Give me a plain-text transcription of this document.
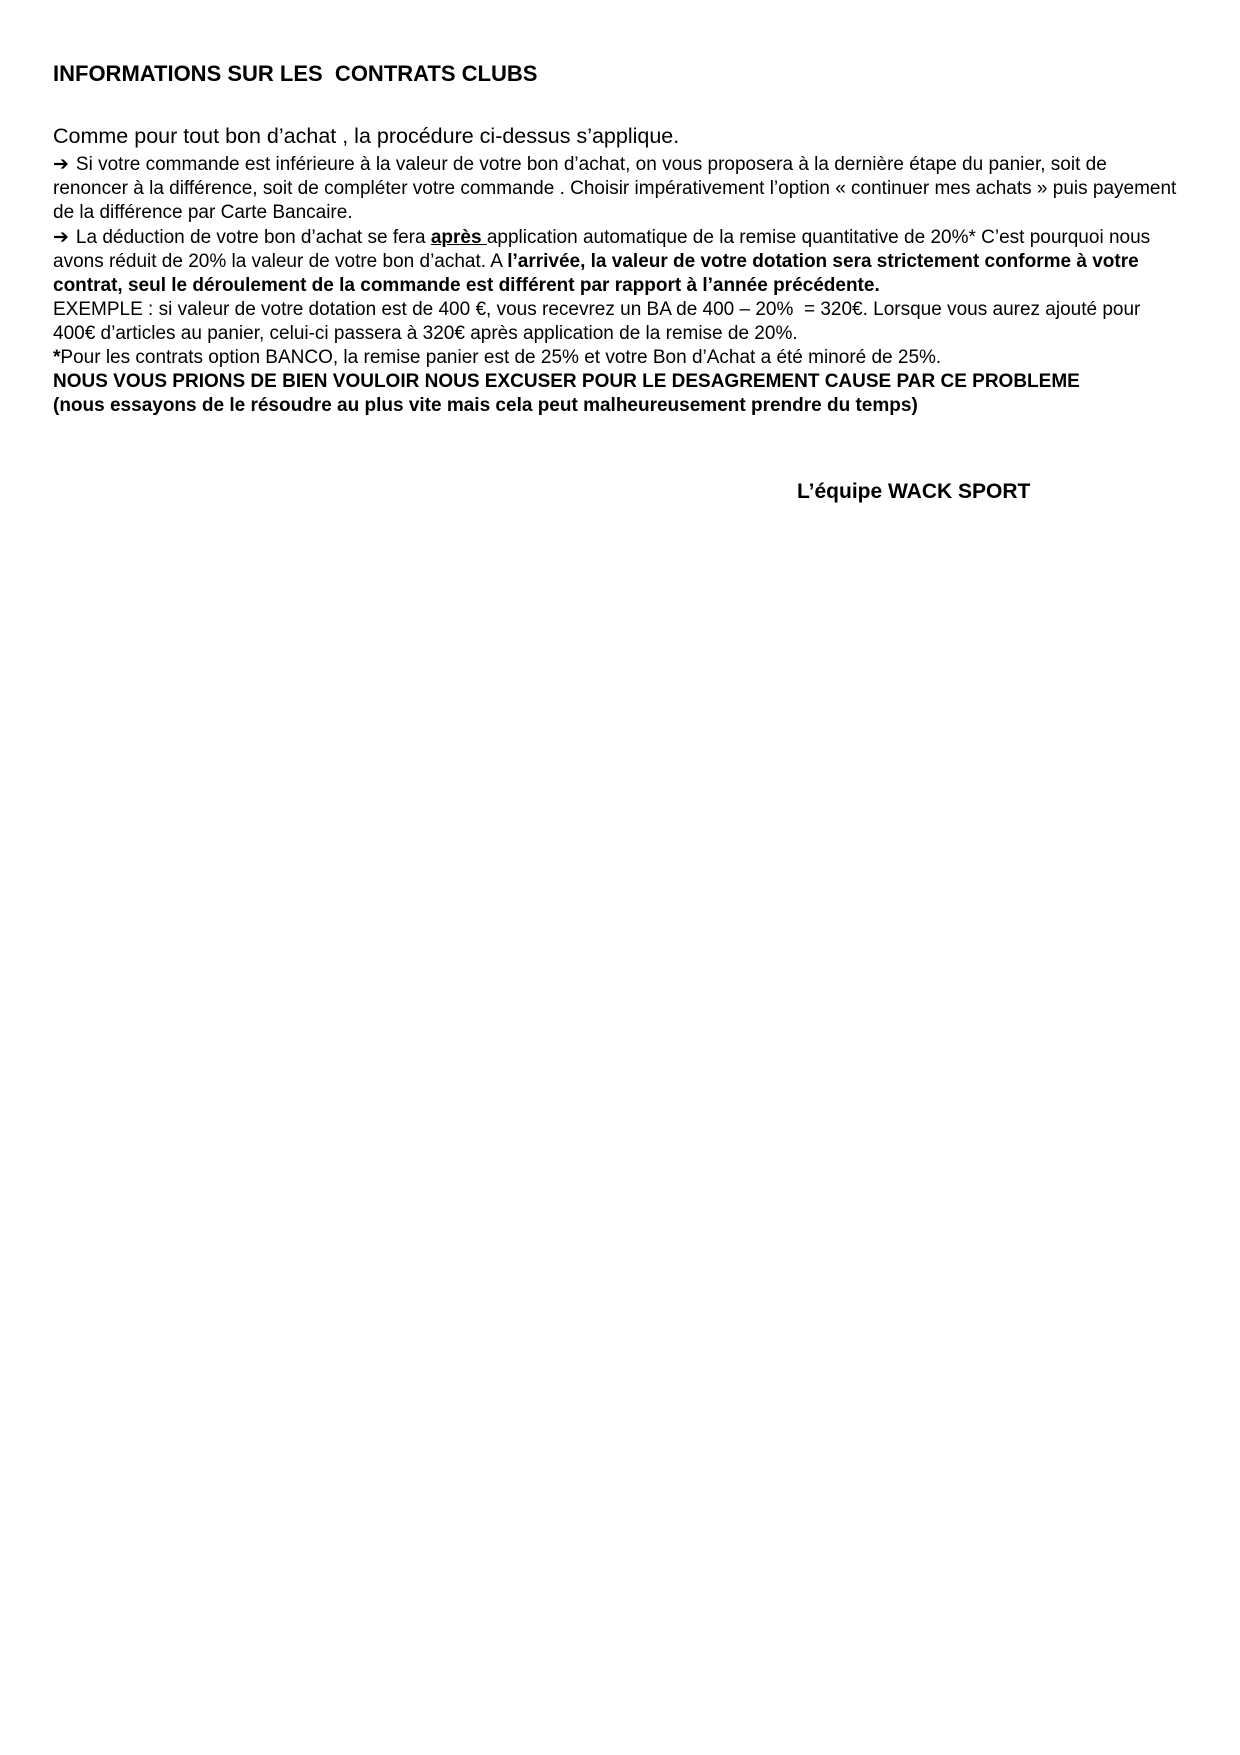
INFORMATIONS SUR LES  CONTRATS CLUBS

Comme pour tout bon d’achat , la procédure ci-dessus s’applique.

➔ Si votre commande est inférieure à la valeur de votre bon d’achat, on vous proposera à la dernière étape du panier, soit de renoncer à la différence, soit de compléter votre commande . Choisir impérativement l’option « continuer mes achats » puis payement de la différence par Carte Bancaire.

➔ La déduction de votre bon d’achat se fera après application automatique de la remise quantitative de 20%* C’est pourquoi nous avons réduit de 20% la valeur de votre bon d’achat. A l’arrivée, la valeur de votre dotation sera strictement conforme à votre contrat, seul le déroulement de la commande est différent par rapport à l’année précédente.

EXEMPLE : si valeur de votre dotation est de 400 €, vous recevrez un BA de 400 – 20%  = 320€. Lorsque vous aurez ajouté pour 400€ d’articles au panier, celui-ci passera à 320€ après application de la remise de 20%.

*Pour les contrats option BANCO, la remise panier est de 25% et votre Bon d’Achat a été minoré de 25%.

NOUS VOUS PRIONS DE BIEN VOULOIR NOUS EXCUSER POUR LE DESAGREMENT CAUSE PAR CE PROBLEME

(nous essayons de le résoudre au plus vite mais cela peut malheureusement prendre du temps)

L’équipe WACK SPORT
